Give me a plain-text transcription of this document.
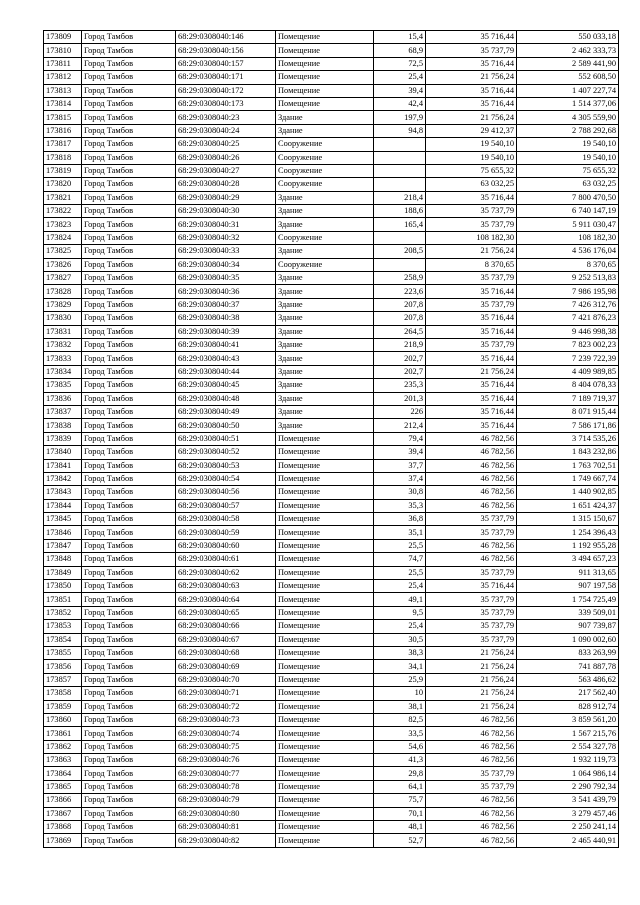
173809	Город Тамбов	68:29:0308040:146	Помещение	15,4	35 716,44	550 033,18
173810	Город Тамбов	68:29:0308040:156	Помещение	68,9	35 737,79	2 462 333,73
173811	Город Тамбов	68:29:0308040:157	Помещение	72,5	35 716,44	2 589 441,90
173812	Город Тамбов	68:29:0308040:171	Помещение	25,4	21 756,24	552 608,50
173813	Город Тамбов	68:29:0308040:172	Помещение	39,4	35 716,44	1 407 227,74
173814	Город Тамбов	68:29:0308040:173	Помещение	42,4	35 716,44	1 514 377,06
173815	Город Тамбов	68:29:0308040:23	Здание	197,9	21 756,24	4 305 559,90
173816	Город Тамбов	68:29:0308040:24	Здание	94,8	29 412,37	2 788 292,68
173817	Город Тамбов	68:29:0308040:25	Сооружение		19 540,10	19 540,10
173818	Город Тамбов	68:29:0308040:26	Сооружение		19 540,10	19 540,10
173819	Город Тамбов	68:29:0308040:27	Сооружение		75 655,32	75 655,32
173820	Город Тамбов	68:29:0308040:28	Сооружение		63 032,25	63 032,25
173821	Город Тамбов	68:29:0308040:29	Здание	218,4	35 716,44	7 800 470,50
173822	Город Тамбов	68:29:0308040:30	Здание	188,6	35 737,79	6 740 147,19
173823	Город Тамбов	68:29:0308040:31	Здание	165,4	35 737,79	5 911 030,47
173824	Город Тамбов	68:29:0308040:32	Сооружение		108 182,30	108 182,30
173825	Город Тамбов	68:29:0308040:33	Здание	208,5	21 756,24	4 536 176,04
173826	Город Тамбов	68:29:0308040:34	Сооружение		8 370,65	8 370,65
173827	Город Тамбов	68:29:0308040:35	Здание	258,9	35 737,79	9 252 513,83
173828	Город Тамбов	68:29:0308040:36	Здание	223,6	35 716,44	7 986 195,98
173829	Город Тамбов	68:29:0308040:37	Здание	207,8	35 737,79	7 426 312,76
173830	Город Тамбов	68:29:0308040:38	Здание	207,8	35 716,44	7 421 876,23
173831	Город Тамбов	68:29:0308040:39	Здание	264,5	35 716,44	9 446 998,38
173832	Город Тамбов	68:29:0308040:41	Здание	218,9	35 737,79	7 823 002,23
173833	Город Тамбов	68:29:0308040:43	Здание	202,7	35 716,44	7 239 722,39
173834	Город Тамбов	68:29:0308040:44	Здание	202,7	21 756,24	4 409 989,85
173835	Город Тамбов	68:29:0308040:45	Здание	235,3	35 716,44	8 404 078,33
173836	Город Тамбов	68:29:0308040:48	Здание	201,3	35 716,44	7 189 719,37
173837	Город Тамбов	68:29:0308040:49	Здание	226	35 716,44	8 071 915,44
173838	Город Тамбов	68:29:0308040:50	Здание	212,4	35 716,44	7 586 171,86
173839	Город Тамбов	68:29:0308040:51	Помещение	79,4	46 782,56	3 714 535,26
173840	Город Тамбов	68:29:0308040:52	Помещение	39,4	46 782,56	1 843 232,86
173841	Город Тамбов	68:29:0308040:53	Помещение	37,7	46 782,56	1 763 702,51
173842	Город Тамбов	68:29:0308040:54	Помещение	37,4	46 782,56	1 749 667,74
173843	Город Тамбов	68:29:0308040:56	Помещение	30,8	46 782,56	1 440 902,85
173844	Город Тамбов	68:29:0308040:57	Помещение	35,3	46 782,56	1 651 424,37
173845	Город Тамбов	68:29:0308040:58	Помещение	36,8	35 737,79	1 315 150,67
173846	Город Тамбов	68:29:0308040:59	Помещение	35,1	35 737,79	1 254 396,43
173847	Город Тамбов	68:29:0308040:60	Помещение	25,5	46 782,56	1 192 955,28
173848	Город Тамбов	68:29:0308040:61	Помещение	74,7	46 782,56	3 494 657,23
173849	Город Тамбов	68:29:0308040:62	Помещение	25,5	35 737,79	911 313,65
173850	Город Тамбов	68:29:0308040:63	Помещение	25,4	35 716,44	907 197,58
173851	Город Тамбов	68:29:0308040:64	Помещение	49,1	35 737,79	1 754 725,49
173852	Город Тамбов	68:29:0308040:65	Помещение	9,5	35 737,79	339 509,01
173853	Город Тамбов	68:29:0308040:66	Помещение	25,4	35 737,79	907 739,87
173854	Город Тамбов	68:29:0308040:67	Помещение	30,5	35 737,79	1 090 002,60
173855	Город Тамбов	68:29:0308040:68	Помещение	38,3	21 756,24	833 263,99
173856	Город Тамбов	68:29:0308040:69	Помещение	34,1	21 756,24	741 887,78
173857	Город Тамбов	68:29:0308040:70	Помещение	25,9	21 756,24	563 486,62
173858	Город Тамбов	68:29:0308040:71	Помещение	10	21 756,24	217 562,40
173859	Город Тамбов	68:29:0308040:72	Помещение	38,1	21 756,24	828 912,74
173860	Город Тамбов	68:29:0308040:73	Помещение	82,5	46 782,56	3 859 561,20
173861	Город Тамбов	68:29:0308040:74	Помещение	33,5	46 782,56	1 567 215,76
173862	Город Тамбов	68:29:0308040:75	Помещение	54,6	46 782,56	2 554 327,78
173863	Город Тамбов	68:29:0308040:76	Помещение	41,3	46 782,56	1 932 119,73
173864	Город Тамбов	68:29:0308040:77	Помещение	29,8	35 737,79	1 064 986,14
173865	Город Тамбов	68:29:0308040:78	Помещение	64,1	35 737,79	2 290 792,34
173866	Город Тамбов	68:29:0308040:79	Помещение	75,7	46 782,56	3 541 439,79
173867	Город Тамбов	68:29:0308040:80	Помещение	70,1	46 782,56	3 279 457,46
173868	Город Тамбов	68:29:0308040:81	Помещение	48,1	46 782,56	2 250 241,14
173869	Город Тамбов	68:29:0308040:82	Помещение	52,7	46 782,56	2 465 440,91
